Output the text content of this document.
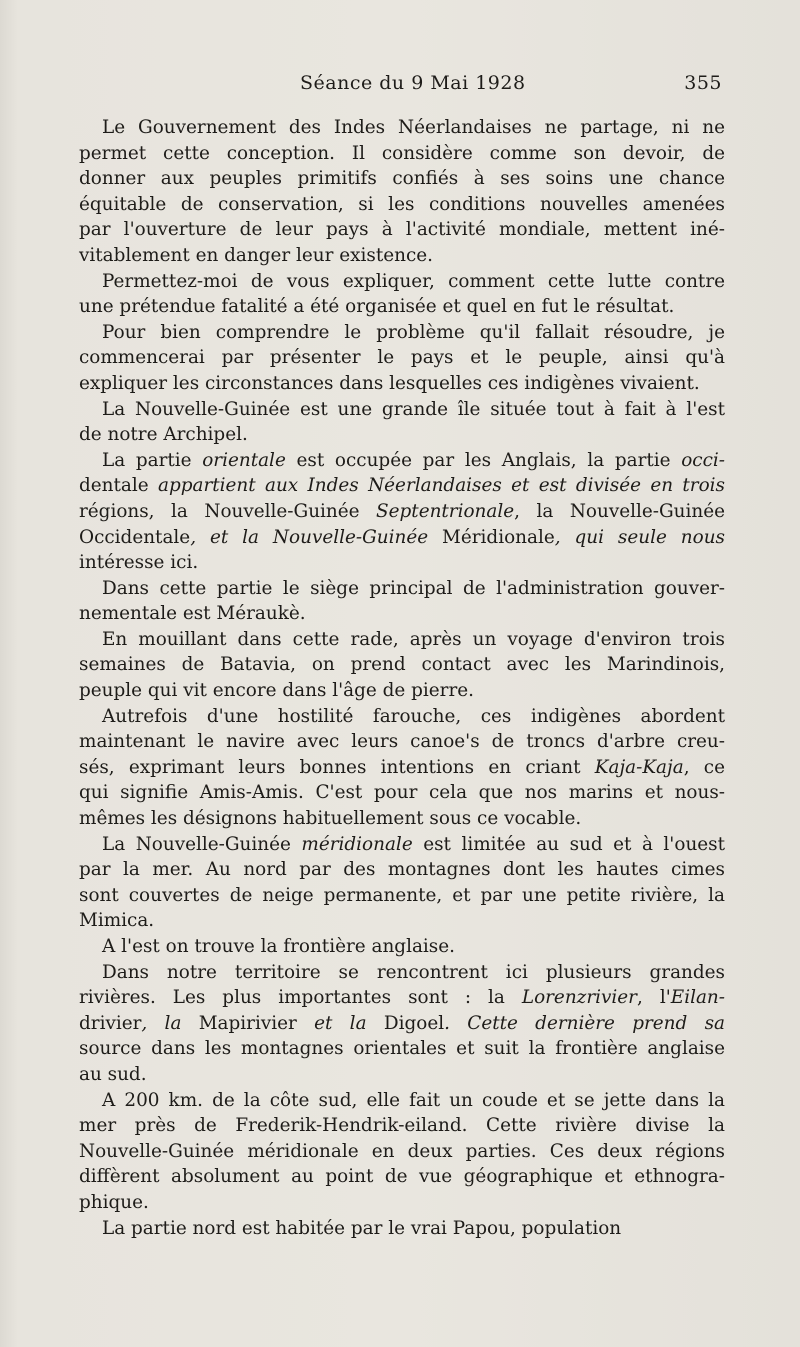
Séance du 9 Mai 1928	355
Le Gouvernement des Indes Néerlandaises ne partage, ni ne
permet cette conception. Il considère comme son devoir, de
donner aux peuples primitifs confiés à ses soins une chance
équitable de conservation, si les conditions nouvelles amenées
par l'ouverture de leur pays à l'activité mondiale, mettent iné-
vitablement en danger leur existence.
Permettez-moi de vous expliquer, comment cette lutte contre
une prétendue fatalité a été organisée et quel en fut le résultat.
Pour bien comprendre le problème qu'il fallait résoudre, je
commencerai par présenter le pays et le peuple, ainsi qu'à
expliquer les circonstances dans lesquelles ces indigènes vivaient.
La Nouvelle-Guinée est une grande île située tout à fait à l'est
de notre Archipel.
La partie orientale est occupée par les Anglais, la partie occi-
dentale appartient aux Indes Néerlandaises et est divisée en trois
régions, la Nouvelle-Guinée Septentrionale, la Nouvelle-Guinée
Occidentale, et la Nouvelle-Guinée Méridionale, qui seule nous
intéresse ici.
Dans cette partie le siège principal de l'administration gouver-
nementale est Méraukè.
En mouillant dans cette rade, après un voyage d'environ trois
semaines de Batavia, on prend contact avec les Marindinois,
peuple qui vit encore dans l'âge de pierre.
Autrefois d'une hostilité farouche, ces indigènes abordent
maintenant le navire avec leurs canoe's de troncs d'arbre creu-
sés, exprimant leurs bonnes intentions en criant Kaja-Kaja, ce
qui signifie Amis-Amis. C'est pour cela que nos marins et nous-
mêmes les désignons habituellement sous ce vocable.
La Nouvelle-Guinée méridionale est limitée au sud et à l'ouest
par la mer. Au nord par des montagnes dont les hautes cimes
sont couvertes de neige permanente, et par une petite rivière, la
Mimica.
A l'est on trouve la frontière anglaise.
Dans notre territoire se rencontrent ici plusieurs grandes
rivières. Les plus importantes sont : la Lorenzrivier, l'Eilan-
drivier, la Mapirivier et la Digoel. Cette dernière prend sa
source dans les montagnes orientales et suit la frontière anglaise
au sud.
A 200 km. de la côte sud, elle fait un coude et se jette dans la
mer près de Frederik-Hendrik-eiland. Cette rivière divise la
Nouvelle-Guinée méridionale en deux parties. Ces deux régions
diffèrent absolument au point de vue géographique et ethnogra-
phique.
La partie nord est habitée par le vrai Papou, population
